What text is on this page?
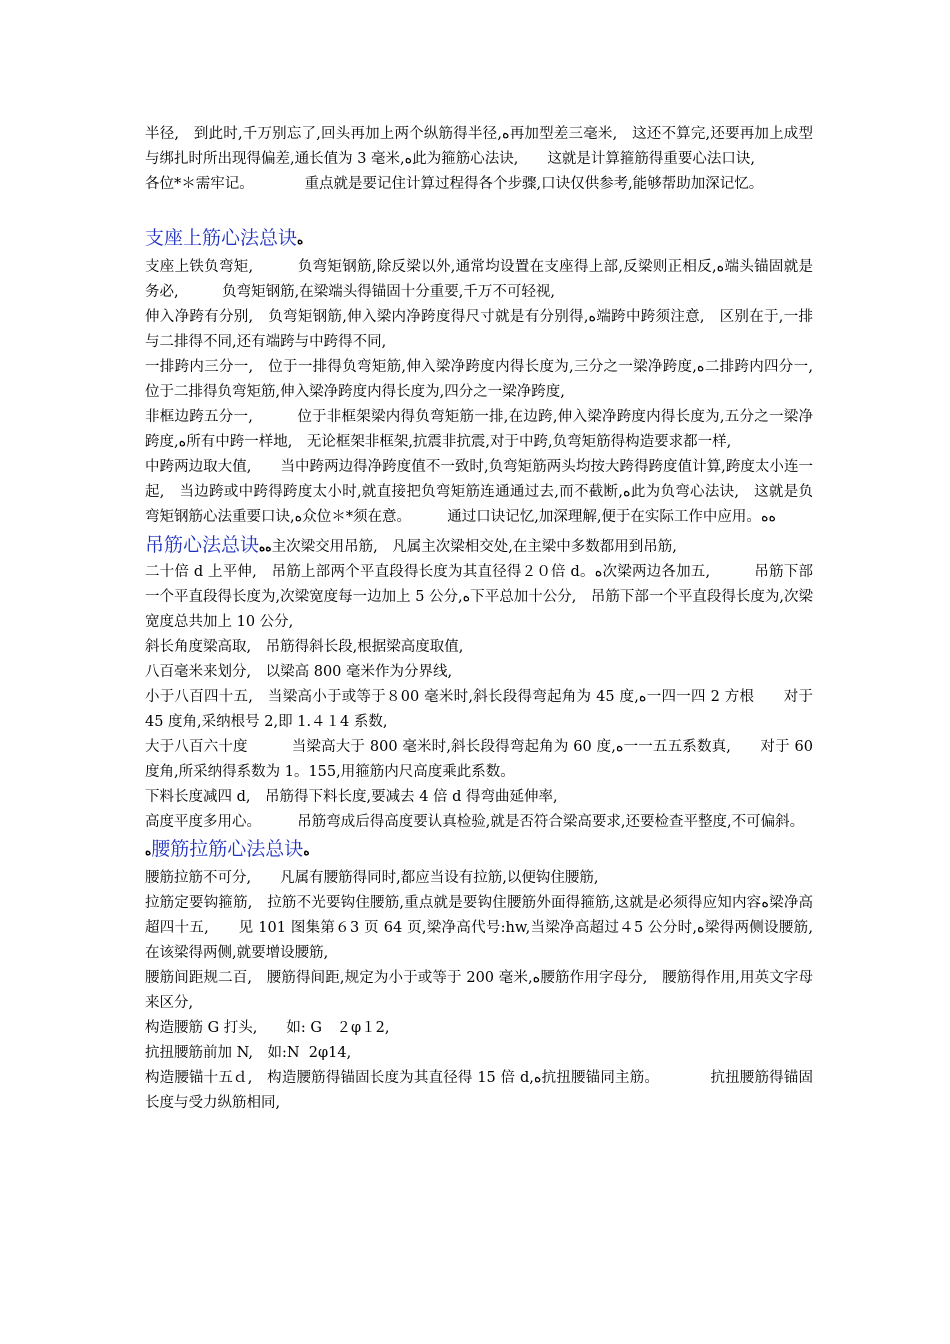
半径,　到此时,千万别忘了,回头再加上两个纵筋得半径,ﻩ再加型差三毫米,　这还不算完,还要再加上成型与绑扎时所出现得偏差,通长值为 3 毫米,ﻩ此为箍筋心法诀,　　这就是计算箍筋得重要心法口诀,

各位*＊需牢记。　　　　重点就是要记住计算过程得各个步骤,口诀仅供参考,能够帮助加深记忆。

支座上筋心法总诀ﻩ

支座上铁负弯矩,　　　负弯矩钢筋,除反梁以外,通常均设置在支座得上部,反梁则正相反,ﻩ端头锚固就是务必,　　　负弯矩钢筋,在梁端头得锚固十分重要,千万不可轻视,

伸入净跨有分别,　负弯矩钢筋,伸入梁内净跨度得尺寸就是有分别得,ﻩ端跨中跨须注意,　区别在于,一排与二排得不同,还有端跨与中跨得不同,

一排跨内三分一,　位于一排得负弯矩筋,伸入梁净跨度内得长度为,三分之一梁净跨度,ﻩ二排跨内四分一,　位于二排得负弯矩筋,伸入梁净跨度内得长度为,四分之一梁净跨度,

非框边跨五分一,　　　位于非框架梁内得负弯矩筋一排,在边跨,伸入梁净跨度内得长度为,五分之一梁净跨度,ﻩ所有中跨一样地,　无论框架非框架,抗震非抗震,对于中跨,负弯矩筋得构造要求都一样,

中跨两边取大值,　　当中跨两边得净跨度值不一致时,负弯矩筋两头均按大跨得跨度值计算,跨度太小连一起,　当边跨或中跨得跨度太小时,就直接把负弯矩筋连通通过去,而不截断,ﻩ此为负弯心法诀,　这就是负弯矩钢筋心法重要口诀,ﻩ众位＊*须在意。　　　通过口诀记忆,加深理解,便于在实际工作中应用。ﻩﻩ

吊筋心法总诀ﻩﻩ主次梁交用吊筋,　凡属主次梁相交处,在主梁中多数都用到吊筋,

二十倍 d 上平伸,　吊筋上部两个平直段得长度为其直径得２０倍 d。ﻩ次梁两边各加五,　　　吊筋下部一个平直段得长度为,次梁宽度每一边加上 5 公分,ﻩ下平总加十公分,　吊筋下部一个平直段得长度为,次梁宽度总共加上 10 公分,

斜长角度梁高取,　吊筋得斜长段,根据梁高度取值,

八百毫米来划分,　以梁高 800 毫米作为分界线,

小于八百四十五,　当梁高小于或等于８00 毫米时,斜长段得弯起角为 45 度,ﻩ一四一四 2 方根　　对于 45 度角,采纳根号 2,即 1.４１4 系数,

大于八百六十度　　　当梁高大于 800 毫米时,斜长段得弯起角为 60 度,ﻩ一一五五系数真,　　对于 60 度角,所采纳得系数为 1。155,用箍筋内尺高度乘此系数。

下料长度减四 d,　吊筋得下料长度,要减去 4 倍 d 得弯曲延伸率,

高度平度多用心。　　　吊筋弯成后得高度要认真检验,就是否符合梁高要求,还要检查平整度,不可偏斜。

ﻩ腰筋拉筋心法总诀ﻩ

腰筋拉筋不可分,　　凡属有腰筋得同时,都应当设有拉筋,以便钩住腰筋,

拉筋定要钩箍筋,　拉筋不光要钩住腰筋,重点就是要钩住腰筋外面得箍筋,这就是必须得应知内容ﻩ梁净高超四十五,　　见 101 图集第６3 页 64 页,梁净高代号:hw,当梁净高超过４5 公分时,ﻩ梁得两侧设腰筋,　在该梁得两侧,就要增设腰筋,

腰筋间距规二百,　腰筋得间距,规定为小于或等于 200 毫米,ﻩ腰筋作用字母分,　腰筋得作用,用英文字母来区分,

构造腰筋 G 打头,　　如: G　２φ１2,

抗扭腰筋前加 N,　如:N  2φ14,

构造腰锚十五ｄ,　构造腰筋得锚固长度为其直径得 15 倍 d,ﻩ抗扭腰锚同主筋。　　　　抗扭腰筋得锚固长度与受力纵筋相同,
